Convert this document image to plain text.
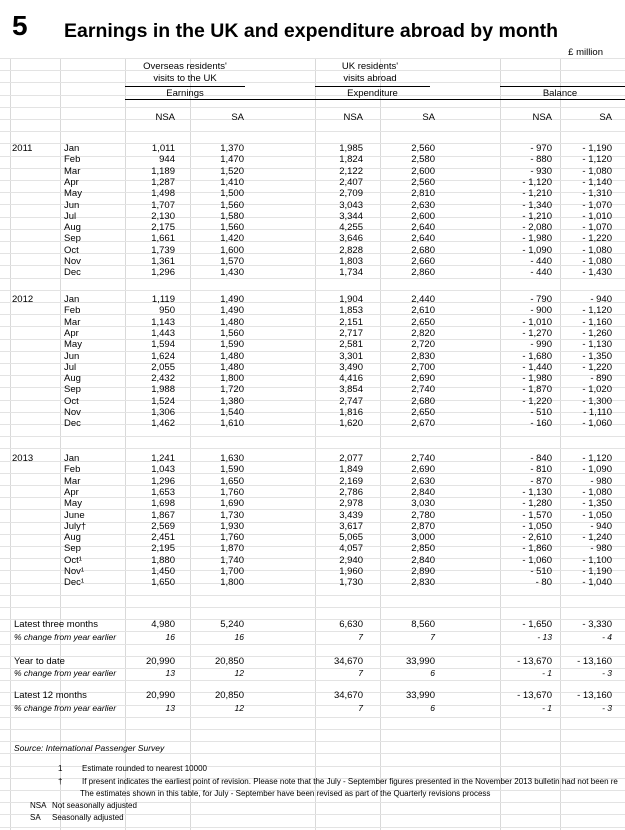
5 Earnings in the UK and expenditure abroad by month
£ million
Overseas residents'
visits to the UK
Earnings
UK residents'
visits abroad
Expenditure	Balance
NSA	SA	NSA	SA	NSA	SA
2011	Jan	1,011	1,370	1,985	2,560	- 970	- 1,190
Feb	944	1,470	1,824	2,580	- 880	- 1,120
Mar	1,189	1,520	2,122	2,600	- 930	- 1,080
Apr	1,287	1,410	2,407	2,560	- 1,120	- 1,140
May	1,498	1,500	2,709	2,810	- 1,210	- 1,310
Jun	1,707	1,560	3,043	2,630	- 1,340	- 1,070
Jul	2,130	1,580	3,344	2,600	- 1,210	- 1,010
Aug	2,175	1,560	4,255	2,640	- 2,080	- 1,070
Sep	1,661	1,420	3,646	2,640	- 1,980	- 1,220
Oct	1,739	1,600	2,828	2,680	- 1,090	- 1,080
Nov	1,361	1,570	1,803	2,660	- 440	- 1,080
Dec	1,296	1,430	1,734	2,860	- 440	- 1,430
2012	Jan	1,119	1,490	1,904	2,440	- 790	- 940
Feb	950	1,490	1,853	2,610	- 900	- 1,120
Mar	1,143	1,480	2,151	2,650	- 1,010	- 1,160
Apr	1,443	1,560	2,717	2,820	- 1,270	- 1,260
May	1,594	1,590	2,581	2,720	- 990	- 1,130
Jun	1,624	1,480	3,301	2,830	- 1,680	- 1,350
Jul	2,055	1,480	3,490	2,700	- 1,440	- 1,220
Aug	2,432	1,800	4,416	2,690	- 1,980	- 890
Sep	1,988	1,720	3,854	2,740	- 1,870	- 1,020
Oct	1,524	1,380	2,747	2,680	- 1,220	- 1,300
Nov	1,306	1,540	1,816	2,650	- 510	- 1,110
Dec	1,462	1,610	1,620	2,670	- 160	- 1,060
2013	Jan	1,241	1,630	2,077	2,740	- 840	- 1,120
Feb	1,043	1,590	1,849	2,690	- 810	- 1,090
Mar	1,296	1,650	2,169	2,630	- 870	- 980
Apr	1,653	1,760	2,786	2,840	- 1,130	- 1,080
May	1,698	1,690	2,978	3,030	- 1,280	- 1,350
June	1,867	1,730	3,439	2,780	- 1,570	- 1,050
July†	2,569	1,930	3,617	2,870	- 1,050	- 940
Aug	2,451	1,760	5,065	3,000	- 2,610	- 1,240
Sep	2,195	1,870	4,057	2,850	- 1,860	- 980
Oct¹	1,880	1,740	2,940	2,840	- 1,060	- 1,100
Nov¹	1,450	1,700	1,960	2,890	- 510	- 1,190
Dec¹	1,650	1,800	1,730	2,830	- 80	- 1,040
Latest three months	4,980	5,240	6,630	8,560	- 1,650	- 3,330
% change from year earlier	16	16	7	7	- 13	- 4
Year to date	20,990	20,850	34,670	33,990	- 13,670	- 13,160
% change from year earlier	13	12	7	6	- 1	- 3
Latest 12 months	20,990	20,850	34,670	33,990	- 13,670	- 13,160
% change from year earlier	13	12	7	6	- 1	- 3
Source: International Passenger Survey
1 Estimate rounded to nearest 10000
† If present indicates the earliest point of revision. Please note that the July - September figures presented in the November 2013 bulletin had not been re
The estimates shown in this table, for July - September have been revised as part of the Quarterly revisions process
NSA Not seasonally adjusted
SA Seasonally adjusted
